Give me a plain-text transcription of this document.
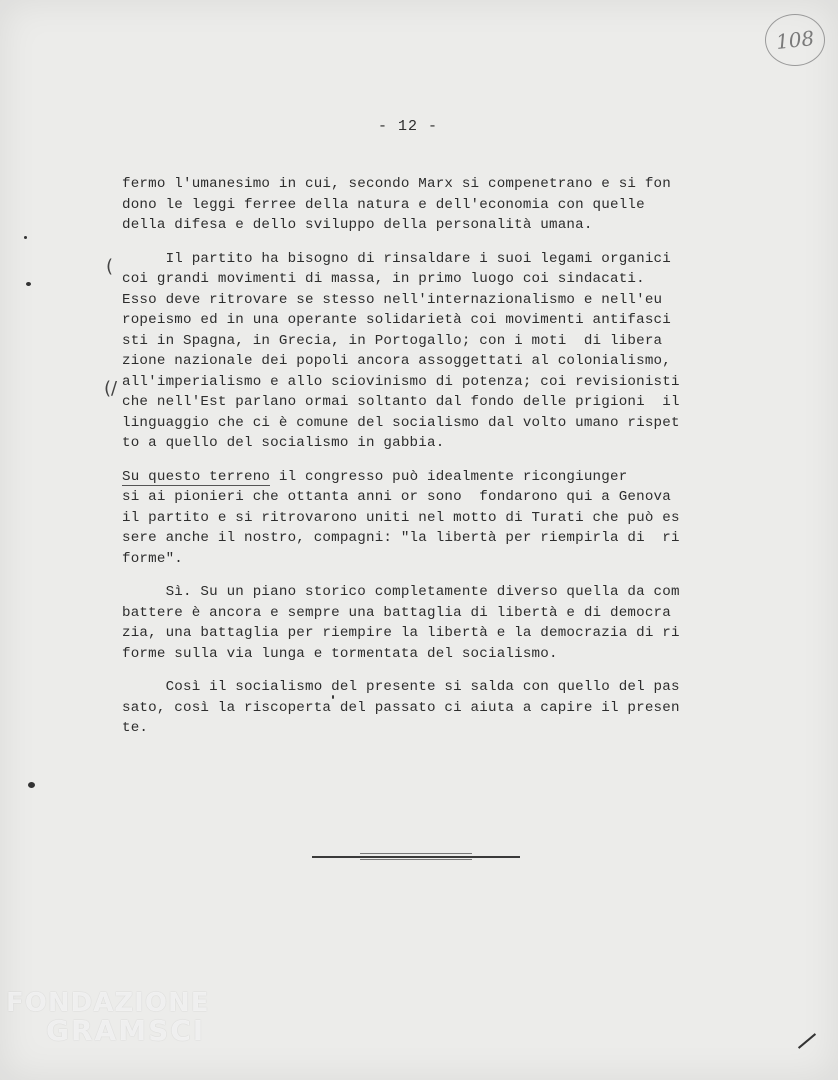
108
- 12 -
fermo l'umanesimo in cui, secondo Marx si compenetrano e si fon
dono le leggi ferree della natura e dell'economia con quelle
della difesa e dello sviluppo della personalità umana.
Il partito ha bisogno di rinsaldare i suoi legami organici
coi grandi movimenti di massa, in primo luogo coi sindacati.
Esso deve ritrovare se stesso nell'internazionalismo e nell'eu
ropeismo ed in una operante solidarietà coi movimenti antifasci
sti in Spagna, in Grecia, in Portogallo; con i moti  di libera
zione nazionale dei popoli ancora assoggettati al colonialismo,
all'imperialismo e allo sciovinismo di potenza; coi revisionisti
che nell'Est parlano ormai soltanto dal fondo delle prigioni  il
linguaggio che ci è comune del socialismo dal volto umano rispet
to a quello del socialismo in gabbia.
Su questo terreno il congresso può idealmente ricongiunger
si ai pionieri che ottanta anni or sono  fondarono qui a Genova
il partito e si ritrovarono uniti nel motto di Turati che può es
sere anche il nostro, compagni: "la libertà per riempirla di  ri
forme".
Sì. Su un piano storico completamente diverso quella da com
battere è ancora e sempre una battaglia di libertà e di democra
zia, una battaglia per riempire la libertà e la democrazia di ri
forme sulla via lunga e tormentata del socialismo.
Così il socialismo del presente si salda con quello del pas
sato, così la riscoperta del passato ci aiuta a capire il presen
te.
(
(/
FONDAZIONE
GRAMSCI
